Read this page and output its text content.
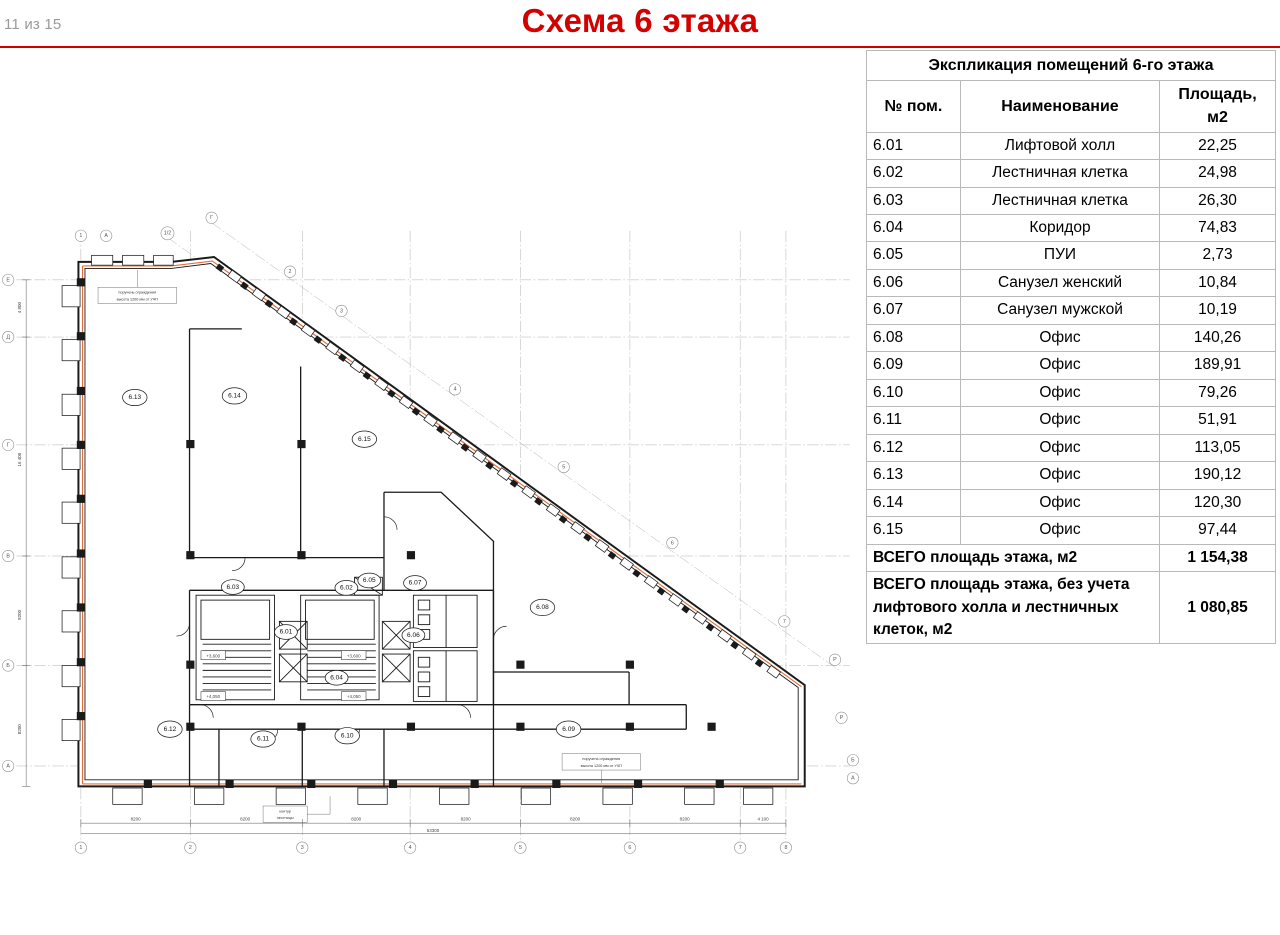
11 из 15	Схема 6 этажа
Экспликация помещений 6-го этажа		
№ пом.	Наименование	Площадь, м2
6.01	Лифтовой холл	22,25
6.02	Лестничная клетка	24,98
6.03	Лестничная клетка	26,30
6.04	Коридор	74,83
6.05	ПУИ	2,73
6.06	Санузел женский	10,84
6.07	Санузел мужской	10,19
6.08	Офис	140,26
6.09	Офис	189,91
6.10	Офис	79,26
6.11	Офис	51,91
6.12	Офис	113,05
6.13	Офис	190,12
6.14	Офис	120,30
6.15	Офис	97,44
ВСЕГО площадь этажа, м2		1 154,38
ВСЕГО площадь этажа, без учета лифтового холла и лестничных клеток, м2		1 080,85
1	А	1/2
Г
2
3
4
5
6
7
Р
Р
Б
А
Е
Д
Г
В
Б
А
1	2	3	4	5	6	7	8
6.13	6.14
6.15
6.03
6.05
6.02
6.07
6.01	6.06
6.04
6.08
6.12
6.11	6.10
6.09
+3,600
+4,050	+4,050
+3,600
поручень ограждения
высота 1200 мм от УЧП
поручень ограждения
высота 1200 мм от УЧП
контур
лестницы
8200	8200	8200	8200	8200	8200	4 100
53300
4 800
16 400
8200
8200
